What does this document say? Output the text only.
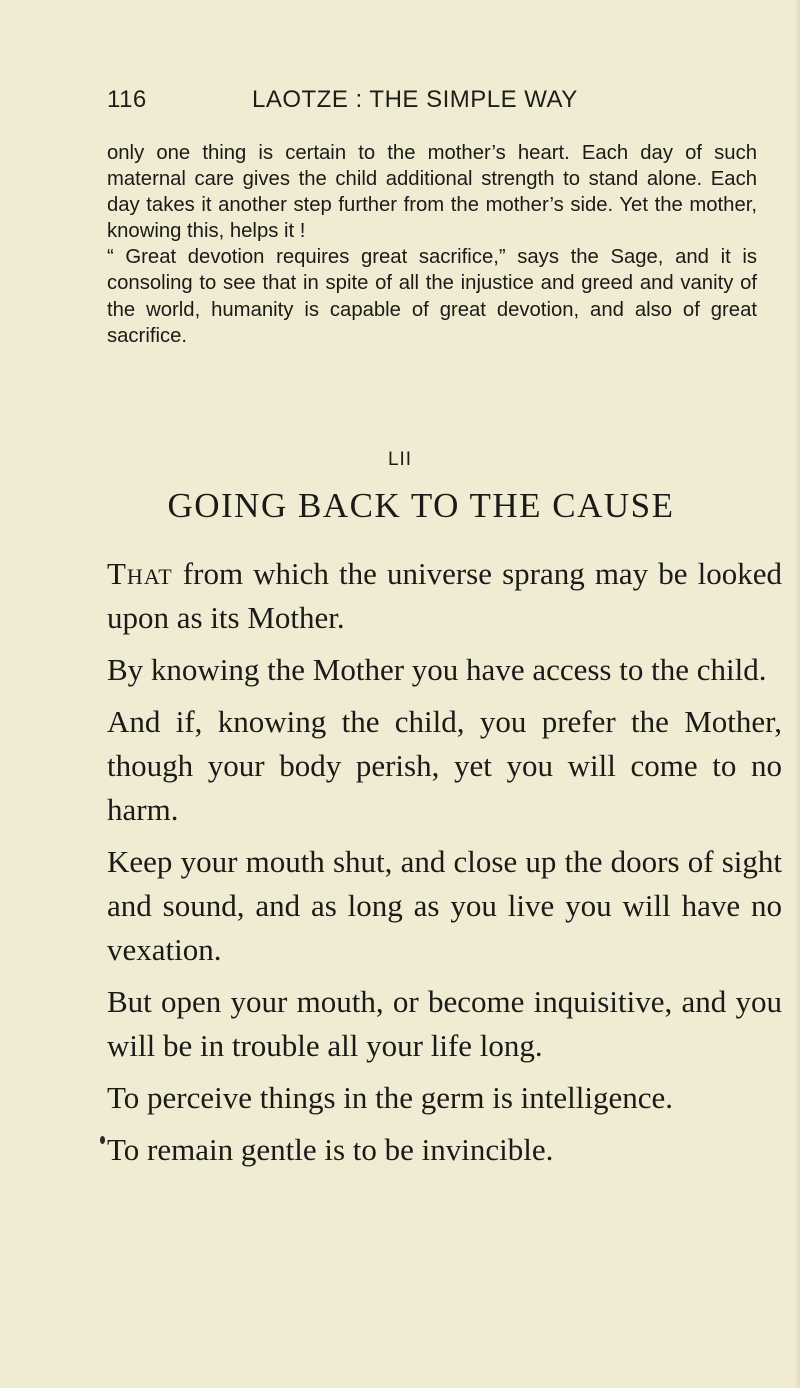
116	LAOTZE : THE SIMPLE WAY

only one thing is certain to the mother’s heart. Each day of such maternal care gives the child additional strength to stand alone. Each day takes it another step further from the mother’s side. Yet the mother, knowing this, helps it !

“ Great devotion requires great sacrifice,” says the Sage, and it is consoling to see that in spite of all the injustice and greed and vanity of the world, humanity is capable of great devotion, and also of great sacrifice.

LII
GOING BACK TO THE CAUSE

That from which the universe sprang may be looked upon as its Mother.

By knowing the Mother you have access to the child.

And if, knowing the child, you prefer the Mother, though your body perish, yet you will come to no harm.

Keep your mouth shut, and close up the doors of sight and sound, and as long as you live you will have no vexation.

But open your mouth, or become inquisitive, and you will be in trouble all your life long.

To perceive things in the germ is intelligence.

To remain gentle is to be invincible.
